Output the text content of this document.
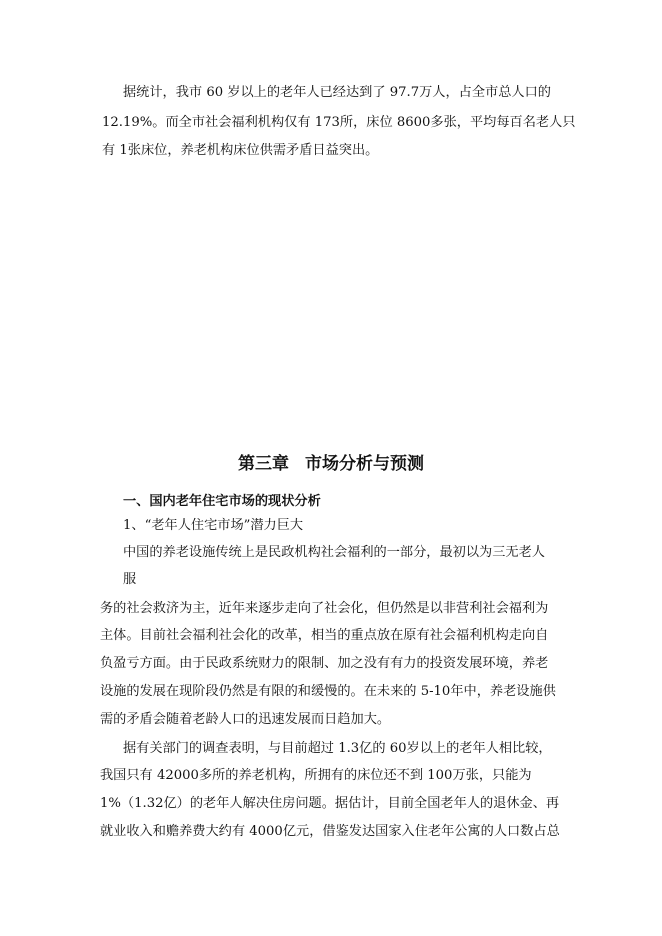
据统计，我市 60 岁以上的老年人已经达到了 97.7万人，占全市总人口的
12.19%。而全市社会福利机构仅有 173所，床位 8600多张，平均每百名老人只
有 1张床位，养老机构床位供需矛盾日益突出。
第三章 市场分析与预测
一、国内老年住宅市场的现状分析
1、“老年人住宅市场”潜力巨大
中国的养老设施传统上是民政机构社会福利的一部分，最初以为三无老人
服
务的社会救济为主，近年来逐步走向了社会化，但仍然是以非营利社会福利为
主体。目前社会福利社会化的改革，相当的重点放在原有社会福利机构走向自
负盈亏方面。由于民政系统财力的限制、加之没有有力的投资发展环境，养老
设施的发展在现阶段仍然是有限的和缓慢的。在未来的 5-10年中，养老设施供
需的矛盾会随着老龄人口的迅速发展而日趋加大。
据有关部门的调查表明，与目前超过 1.3亿的 60岁以上的老年人相比较，
我国只有 42000多所的养老机构，所拥有的床位还不到 100万张，只能为
1%（1.32亿）的老年人解决住房问题。据估计，目前全国老年人的退休金、再
就业收入和赡养费大约有 4000亿元，借鉴发达国家入住老年公寓的人口数占总
